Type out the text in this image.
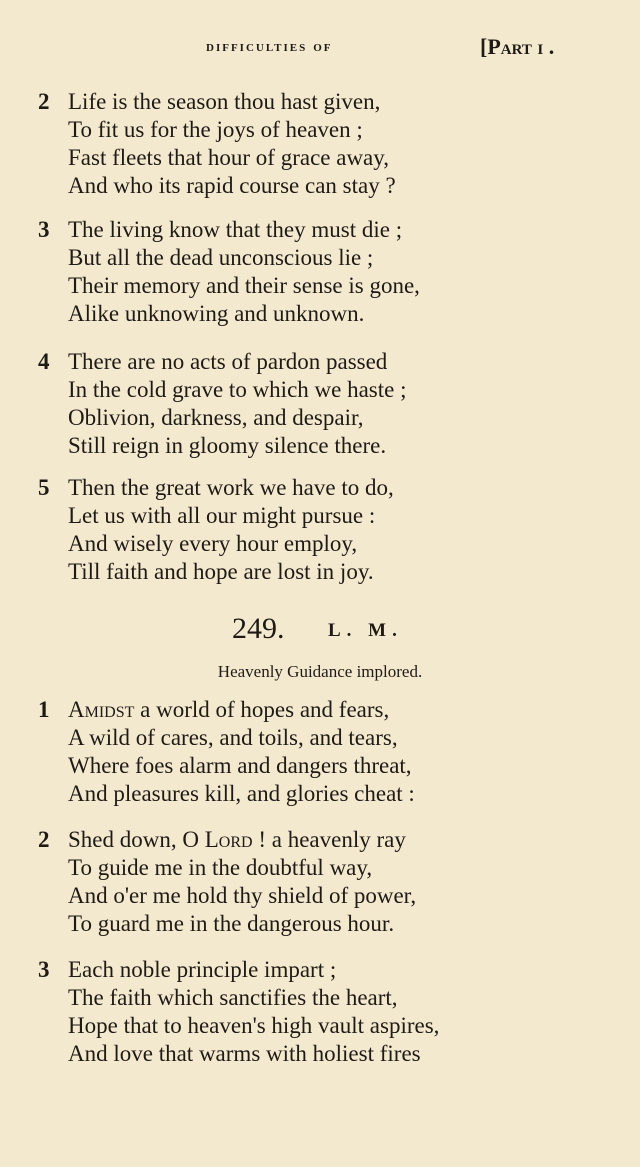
difficulties of	[Part i .
2 Life is the season thou hast given,
To fit us for the joys of heaven ;
Fast fleets that hour of grace away,
And who its rapid course can stay ?
3 The living know that they must die ;
But all the dead unconscious lie ;
Their memory and their sense is gone,
Alike unknowing and unknown.
4 There are no acts of pardon passed
In the cold grave to which we haste ;
Oblivion, darkness, and despair,
Still reign in gloomy silence there.
5 Then the great work we have to do,
Let us with all our might pursue :
And wisely every hour employ,
Till faith and hope are lost in joy.
249. L. M.
Heavenly Guidance implored.
1 Amidst a world of hopes and fears,
A wild of cares, and toils, and tears,
Where foes alarm and dangers threat,
And pleasures kill, and glories cheat :
2 Shed down, O Lord ! a heavenly ray
To guide me in the doubtful way,
And o'er me hold thy shield of power,
To guard me in the dangerous hour.
3 Each noble principle impart ;
The faith which sanctifies the heart,
Hope that to heaven's high vault aspires,
And love that warms with holiest fires
